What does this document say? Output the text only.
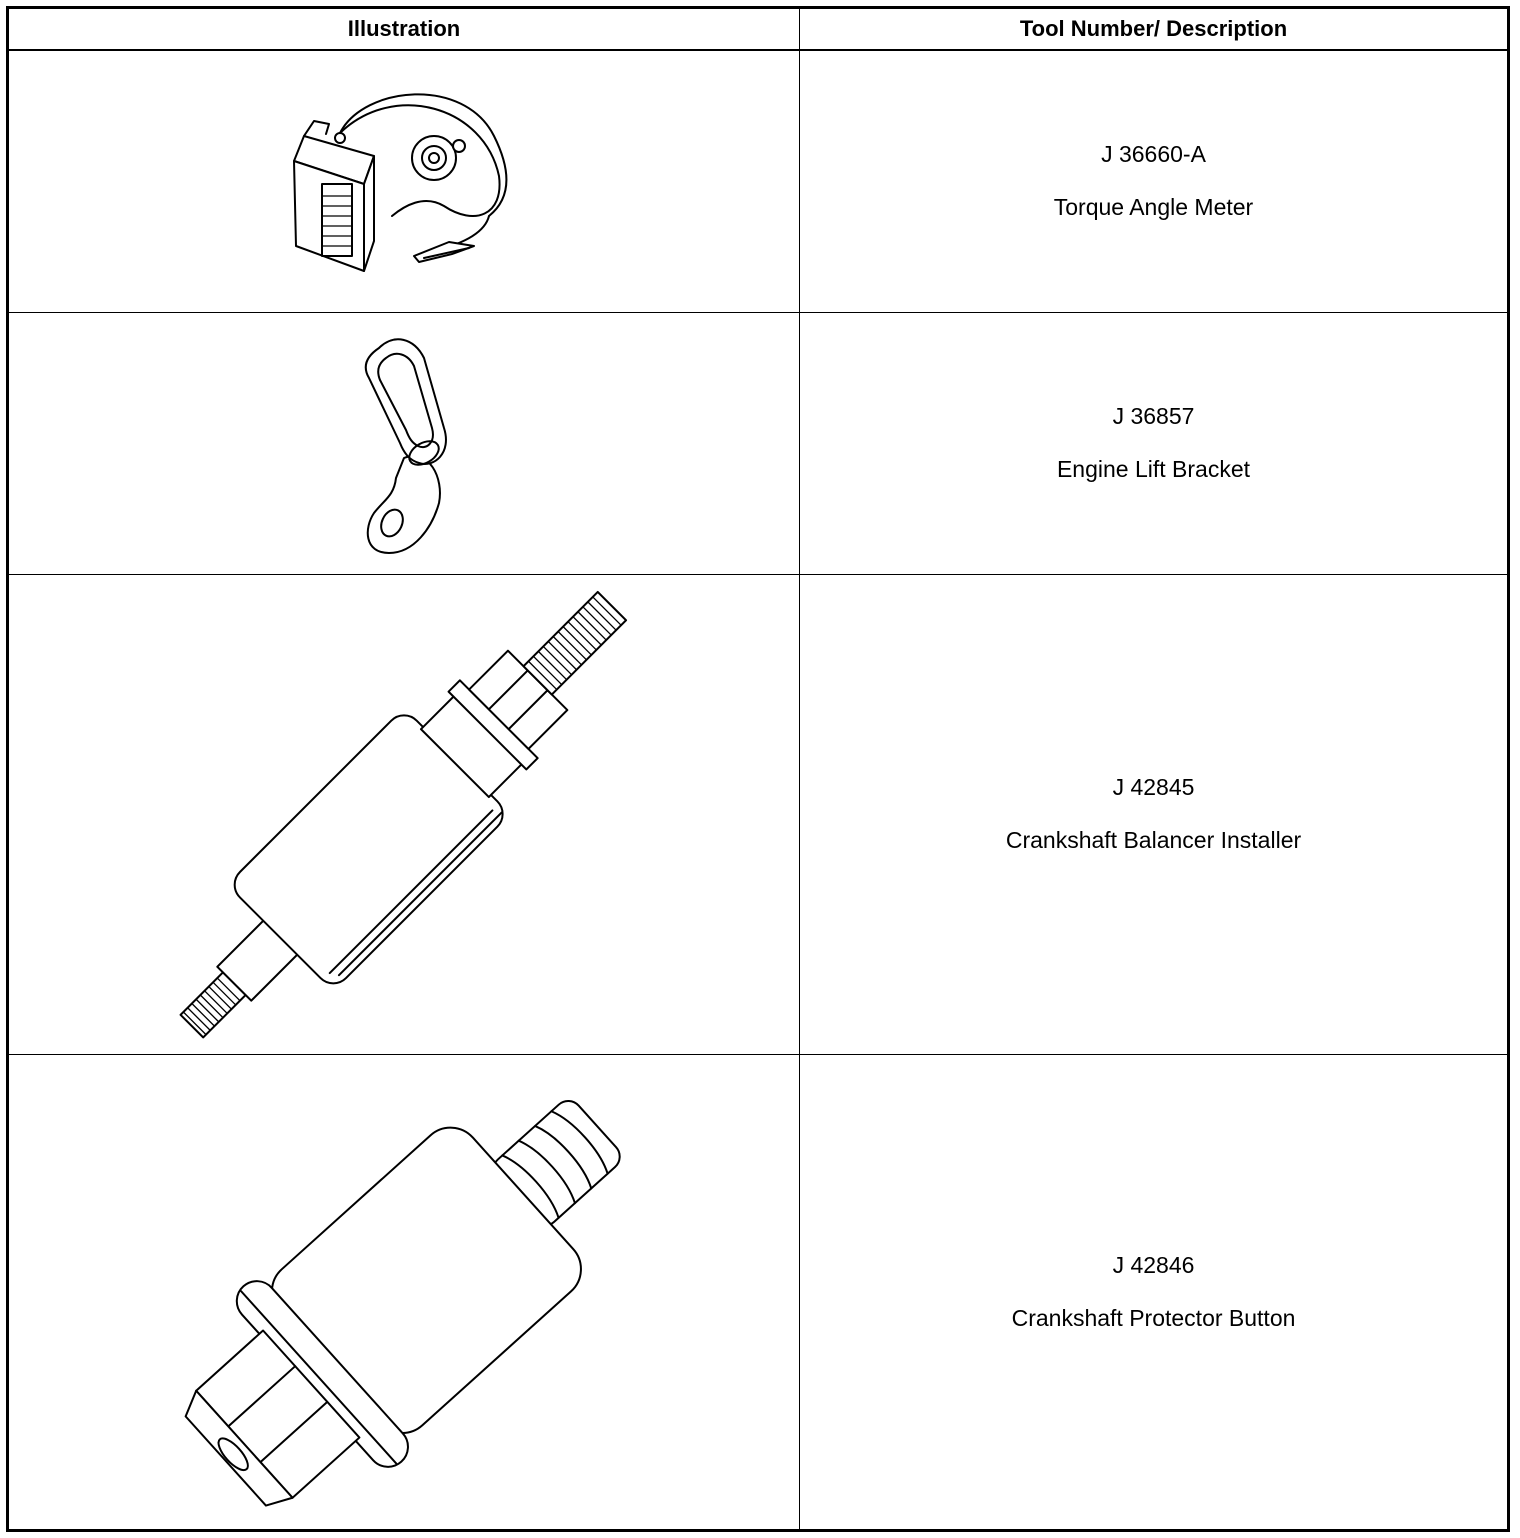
Illustration	Tool Number/ Description

J 36660-A
Torque Angle Meter

J 36857
Engine Lift Bracket

J 42845
Crankshaft Balancer Installer

J 42846
Crankshaft Protector Button
